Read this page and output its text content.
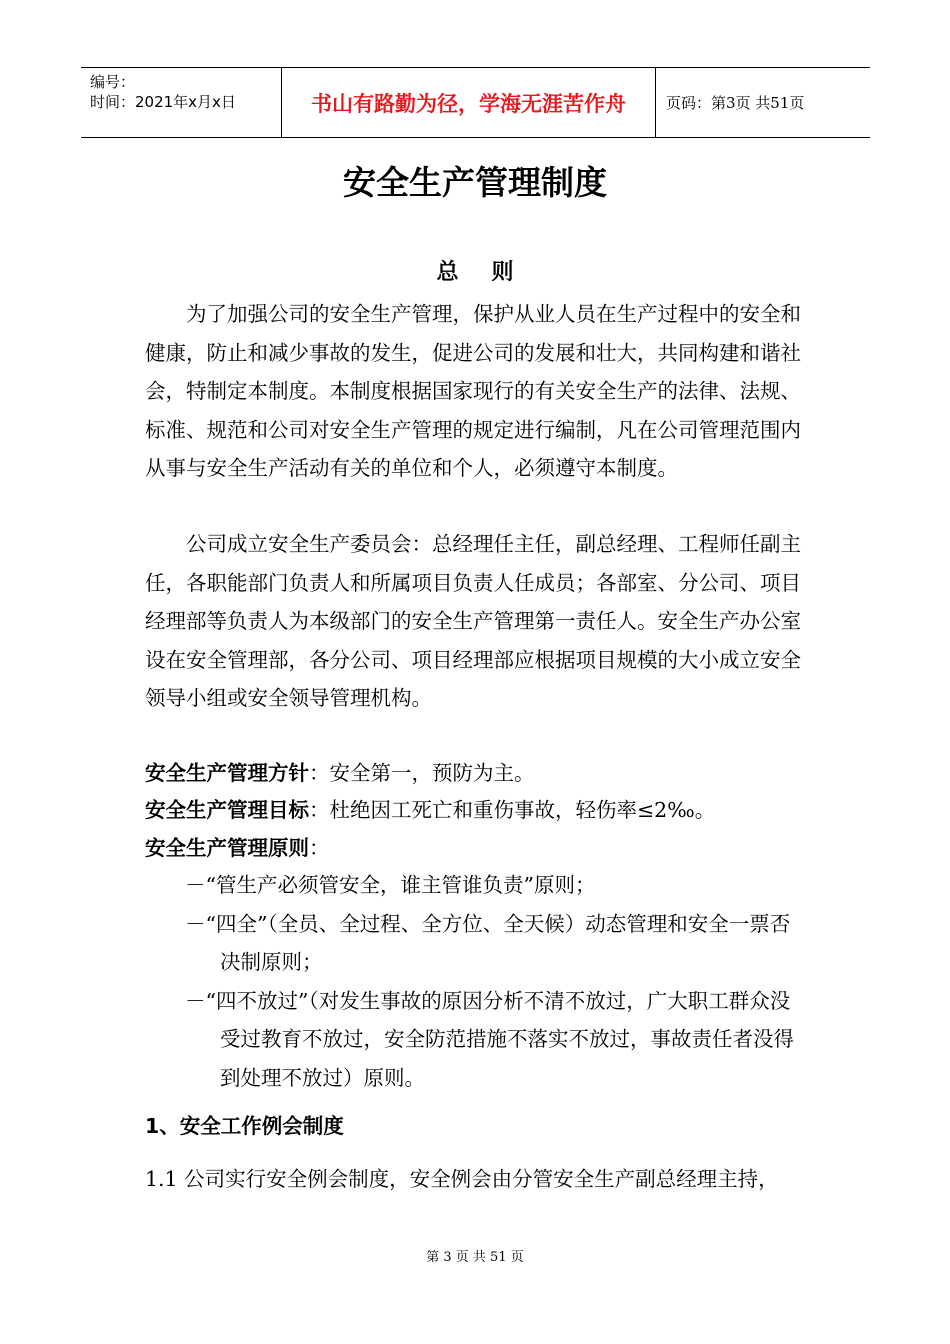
编号：
时间：2021年x月x日	书山有路勤为径，学海无涯苦作舟	页码：第3页 共51页
安全生产管理制度
总则
为了加强公司的安全生产管理，保护从业人员在生产过程中的安全和健康，防止和减少事故的发生，促进公司的发展和壮大，共同构建和谐社会，特制定本制度。本制度根据国家现行的有关安全生产的法律、法规、标准、规范和公司对安全生产管理的规定进行编制，凡在公司管理范围内从事与安全生产活动有关的单位和个人，必须遵守本制度。
公司成立安全生产委员会：总经理任主任，副总经理、工程师任副主任，各职能部门负责人和所属项目负责人任成员；各部室、分公司、项目经理部等负责人为本级部门的安全生产管理第一责任人。安全生产办公室设在安全管理部，各分公司、项目经理部应根据项目规模的大小成立安全领导小组或安全领导管理机构。
安全生产管理方针：安全第一，预防为主。
安全生产管理目标：杜绝因工死亡和重伤事故，轻伤率≤2‰。
安全生产管理原则：
－“管生产必须管安全，谁主管谁负责”原则；
－“四全”（全员、全过程、全方位、全天候）动态管理和安全一票否决制原则；
－“四不放过”（对发生事故的原因分析不清不放过，广大职工群众没受过教育不放过，安全防范措施不落实不放过，事故责任者没得到处理不放过）原则。
1、安全工作例会制度
1.1 公司实行安全例会制度，安全例会由分管安全生产副总经理主持，
第 3 页 共 51 页
